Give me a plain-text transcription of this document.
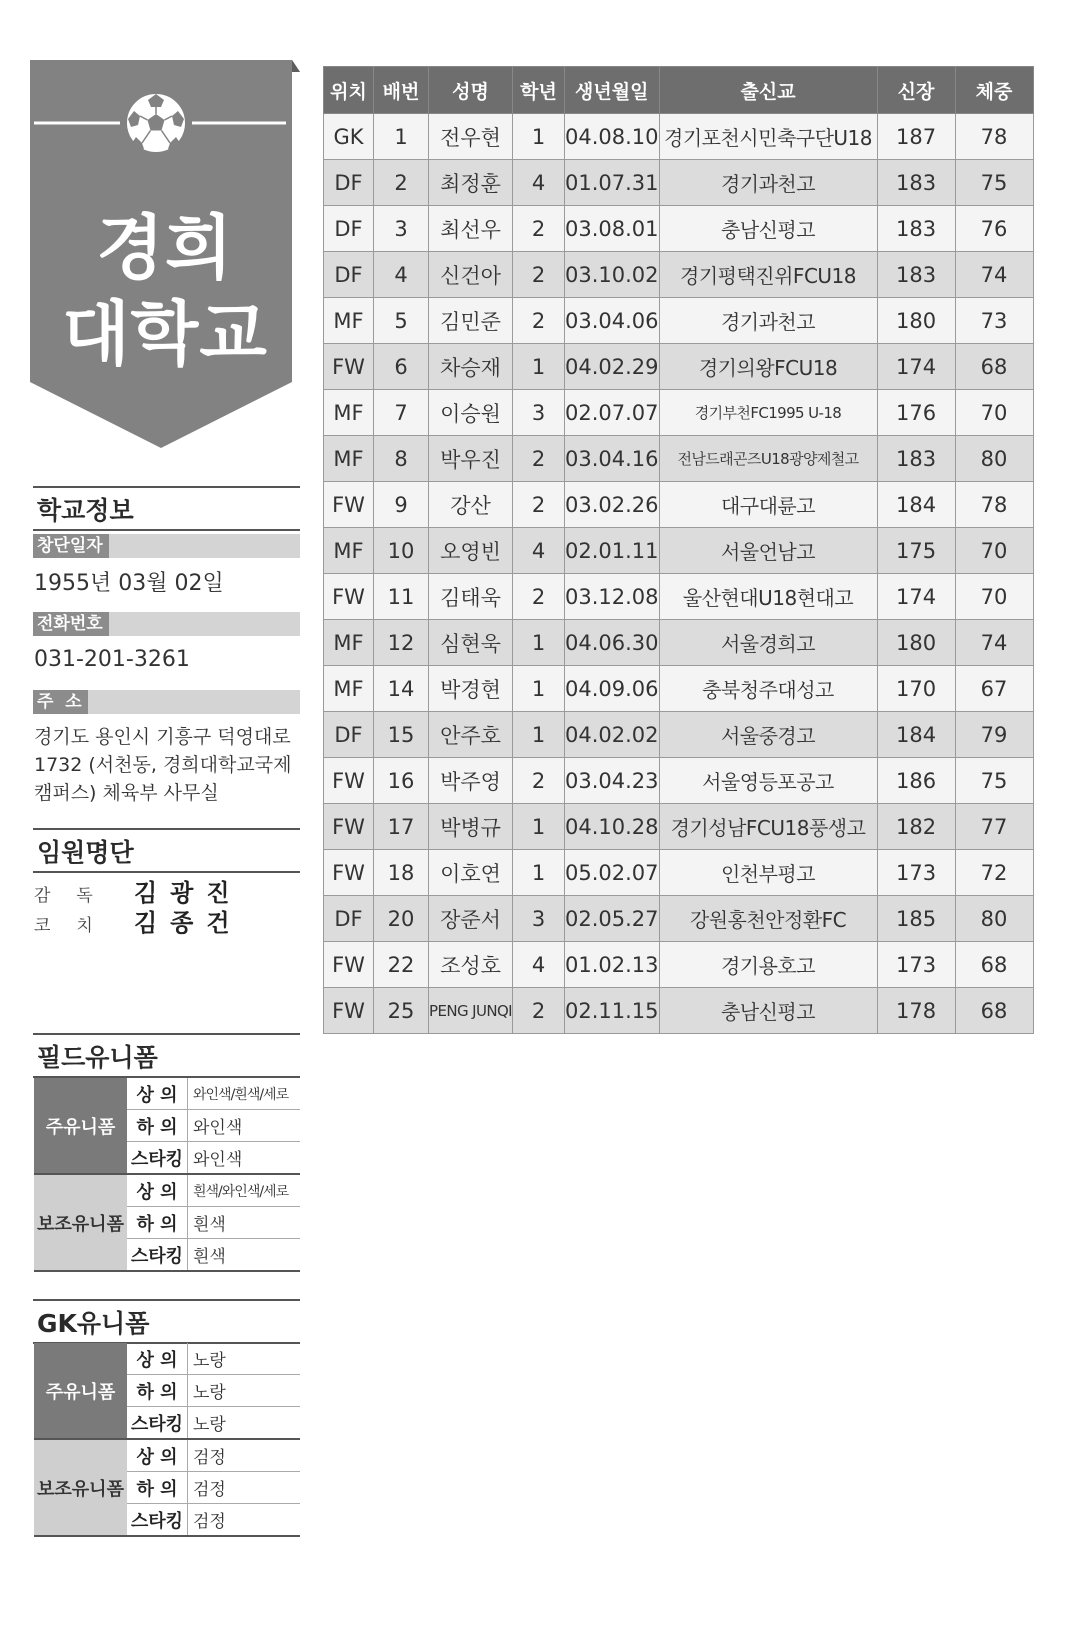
경희
대학교
학교정보
창단일자
1955년 03월 02일
전화번호
031-201-3261
주  소
경기도 용인시 기흥구 덕영대로
1732 (서천동, 경희대학교국제
캠퍼스) 체육부 사무실
임원명단
감독 김광진
코치 김종건
필드유니폼
주유니폼	상 의	와인색/흰색/세로
	하 의	와인색
	스타킹	와인색
보조유니폼	상 의	흰색/와인색/세로
	하 의	흰색
	스타킹	흰색
GK유니폼
주유니폼	상 의	노랑
	하 의	노랑
	스타킹	노랑
보조유니폼	상 의	검정
	하 의	검정
	스타킹	검정
위치	배번	성명	학년	생년월일	출신교	신장	체중
GK	1	전우현	1	04.08.10	경기포천시민축구단U18	187	78
DF	2	최정훈	4	01.07.31	경기과천고	183	75
DF	3	최선우	2	03.08.01	충남신평고	183	76
DF	4	신건아	2	03.10.02	경기평택진위FCU18	183	74
MF	5	김민준	2	03.04.06	경기과천고	180	73
FW	6	차승재	1	04.02.29	경기의왕FCU18	174	68
MF	7	이승원	3	02.07.07	경기부천FC1995 U-18	176	70
MF	8	박우진	2	03.04.16	전남드래곤즈U18광양제철고	183	80
FW	9	강산	2	03.02.26	대구대륜고	184	78
MF	10	오영빈	4	02.01.11	서울언남고	175	70
FW	11	김태욱	2	03.12.08	울산현대U18현대고	174	70
MF	12	심현욱	1	04.06.30	서울경희고	180	74
MF	14	박경현	1	04.09.06	충북청주대성고	170	67
DF	15	안주호	1	04.02.02	서울중경고	184	79
FW	16	박주영	2	03.04.23	서울영등포공고	186	75
FW	17	박병규	1	04.10.28	경기성남FCU18풍생고	182	77
FW	18	이호연	1	05.02.07	인천부평고	173	72
DF	20	장준서	3	02.05.27	강원홍천안정환FC	185	80
FW	22	조성호	4	01.02.13	경기용호고	173	68
FW	25	PENG JUNQI	2	02.11.15	충남신평고	178	68
